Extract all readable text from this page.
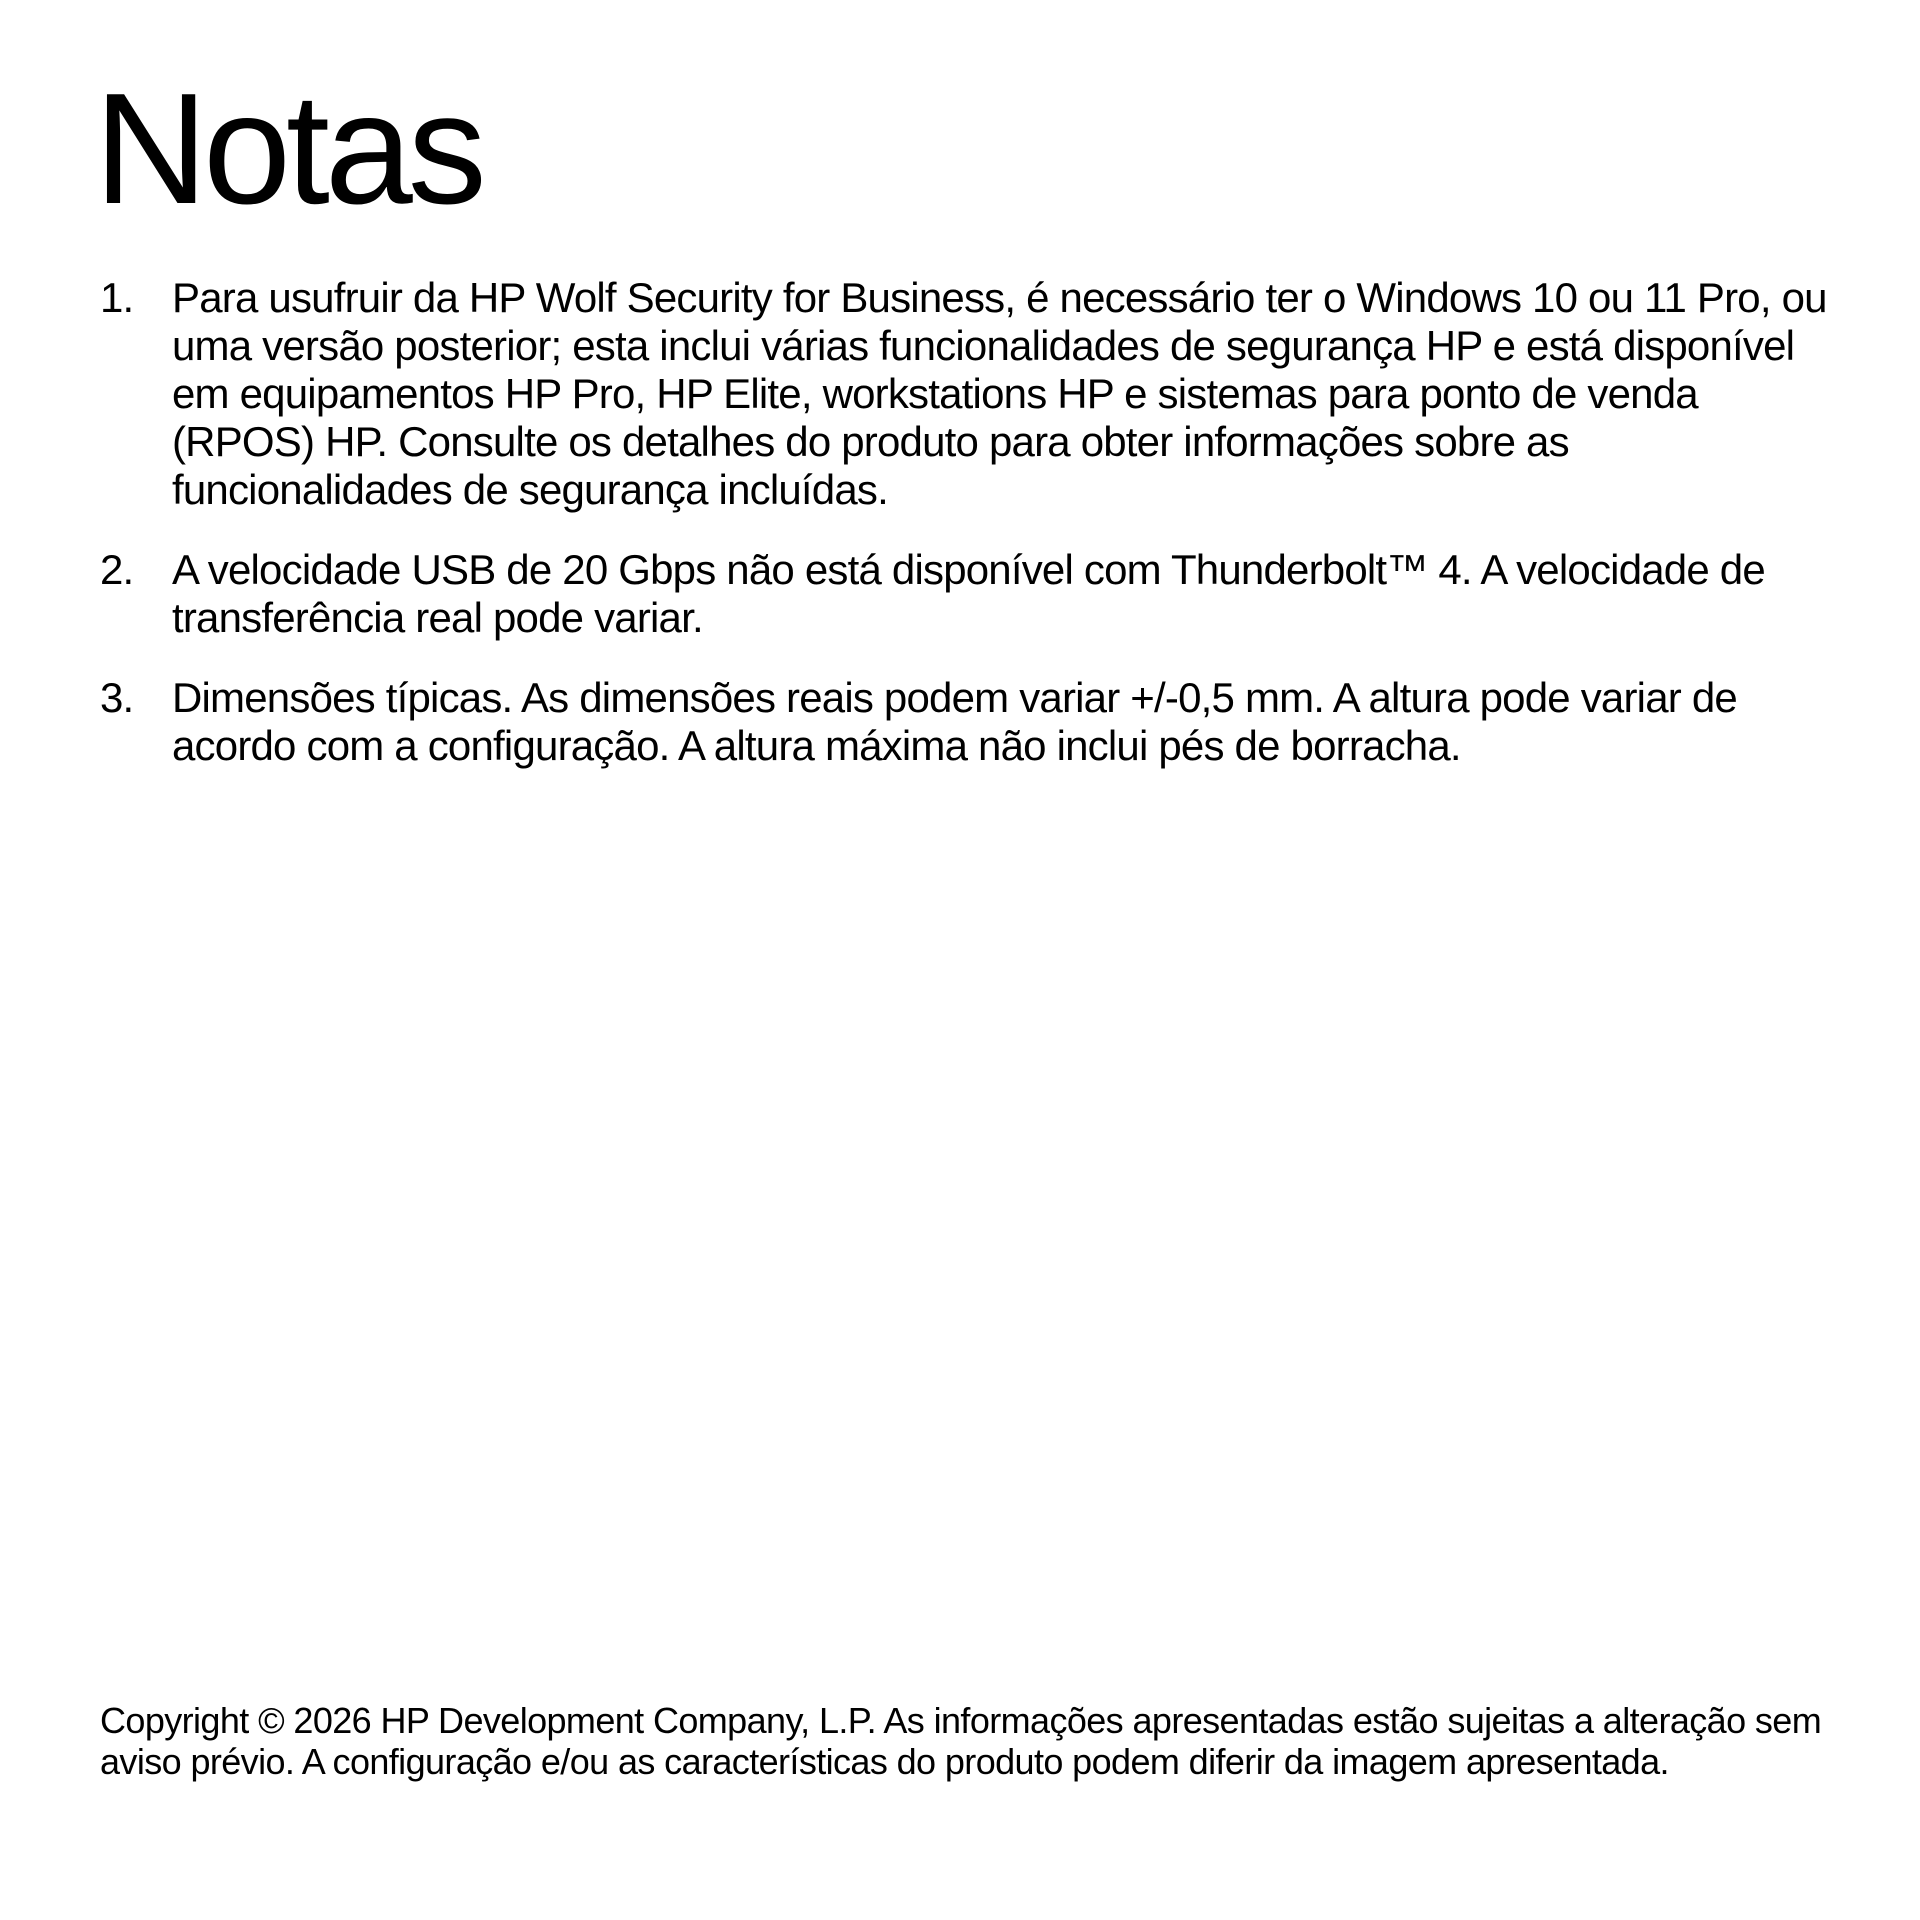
Notas
1. Para usufruir da HP Wolf Security for Business, é necessário ter o Windows 10 ou 11 Pro, ou uma versão posterior; esta inclui várias funcionalidades de segurança HP e está disponível em equipamentos HP Pro, HP Elite, workstations HP e sistemas para ponto de venda (RPOS) HP. Consulte os detalhes do produto para obter informações sobre as funcionalidades de segurança incluídas.
2. A velocidade USB de 20 Gbps não está disponível com Thunderbolt™ 4. A velocidade de transferência real pode variar.
3. Dimensões típicas. As dimensões reais podem variar +/-0,5 mm. A altura pode variar de acordo com a configuração. A altura máxima não inclui pés de borracha.

Copyright © 2026 HP Development Company, L.P. As informações apresentadas estão sujeitas a alteração sem aviso prévio. A configuração e/ou as características do produto podem diferir da imagem apresentada.
